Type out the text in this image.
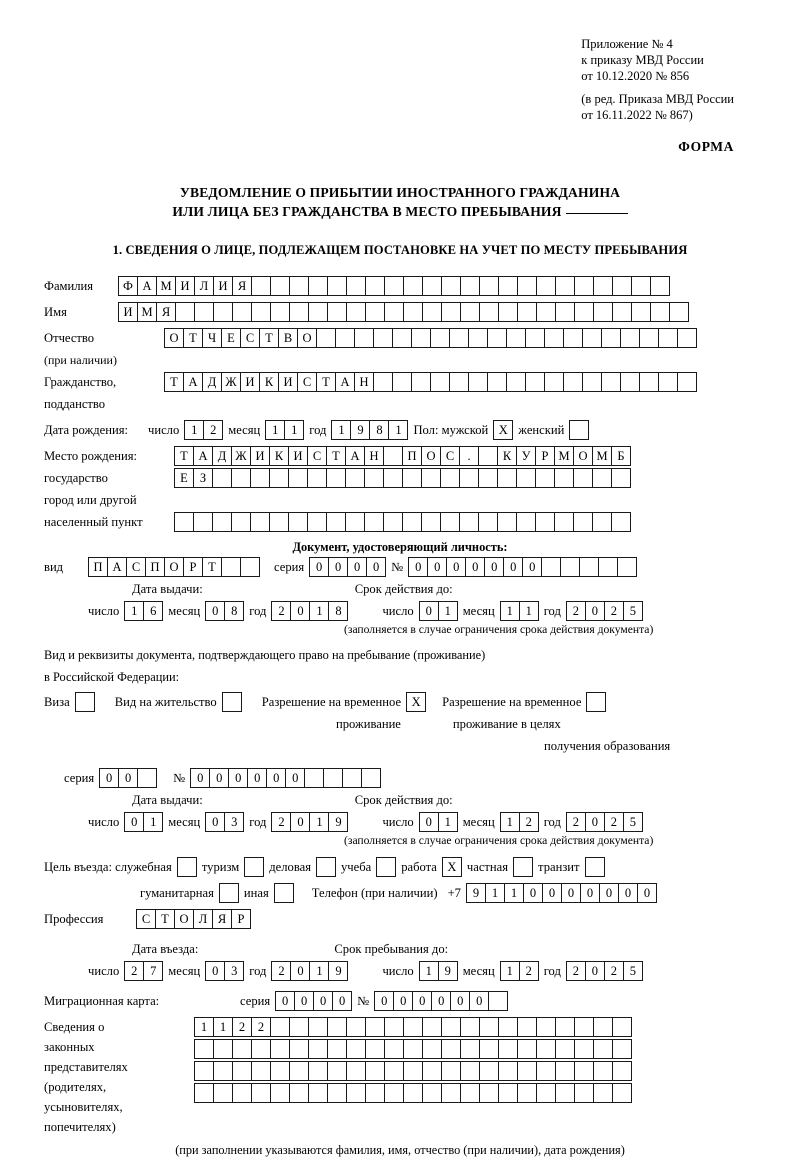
Приложение № 4
к приказу МВД России
от 10.12.2020 № 856
(в ред. Приказа МВД России
от 16.11.2022 № 867)
ФОРМА
УВЕДОМЛЕНИЕ О ПРИБЫТИИ ИНОСТРАННОГО ГРАЖДАНИНА
ИЛИ ЛИЦА БЕЗ ГРАЖДАНСТВА В МЕСТО ПРЕБЫВАНИЯ
1. СВЕДЕНИЯ О ЛИЦЕ, ПОДЛЕЖАЩЕМ ПОСТАНОВКЕ НА УЧЕТ ПО МЕСТУ ПРЕБЫВАНИЯ
Фамилия	Ф А М И Л И Я
Имя	И М Я
Отчество	О Т Ч Е С Т В О
(при наличии)
Гражданство,	Т А Д Ж И К И С Т А Н
подданство
Дата рождения:	число 1	2 месяц 1	1 год 1	9	8	1 Пол: мужской X женский
Место рождения:	Т А Д Ж И К И С Т А Н	П О С	.	К У Р М О М Б
государство	Е З
город или другой
населенный пункт
Документ, удостоверяющий личность:
вид	П А С П О Р Т	серия 0	0	0	0 № 0	0	0	0	0	0	0
Дата выдачи:	Срок действия до:
число 1	6 месяц 0	8 год 2	0	1	8	число 0	1 месяц 1	1 год 2	0	2	5
(заполняется в случае ограничения срока действия документа)
Вид и реквизиты документа, подтверждающего право на пребывание (проживание)
в Российской Федерации:
Виза	Вид на жительство	Разрешение на временное X	Разрешение на временное
проживание	проживание в целях
получения образования
серия 0	0	№ 0	0	0	0	0	0
Дата выдачи:	Срок действия до:
число 0	1 месяц 0	3 год 2	0	1	9	число 0	1 месяц 1	2 год 2	0	2	5
(заполняется в случае ограничения срока действия документа)
Цель въезда: служебная	туризм	деловая	учеба	работа X частная	транзит
гуманитарная	иная	Телефон (при наличии) +7 9	1	1	0	0	0	0	0	0	0
Профессия	С Т О Л Я Р
Дата въезда:	Срок пребывания до:
число 2	7 месяц 0	3 год 2	0	1	9	число 1	9 месяц 1	2 год 2	0	2	5
Миграционная карта:	серия 0	0	0	0 № 0	0	0	0	0	0
Сведения о
законных
представителях
(родителях,
усыновителях,
попечителях)
1	1	2	2
(при заполнении указываются фамилия, имя, отчество (при наличии), дата рождения)
